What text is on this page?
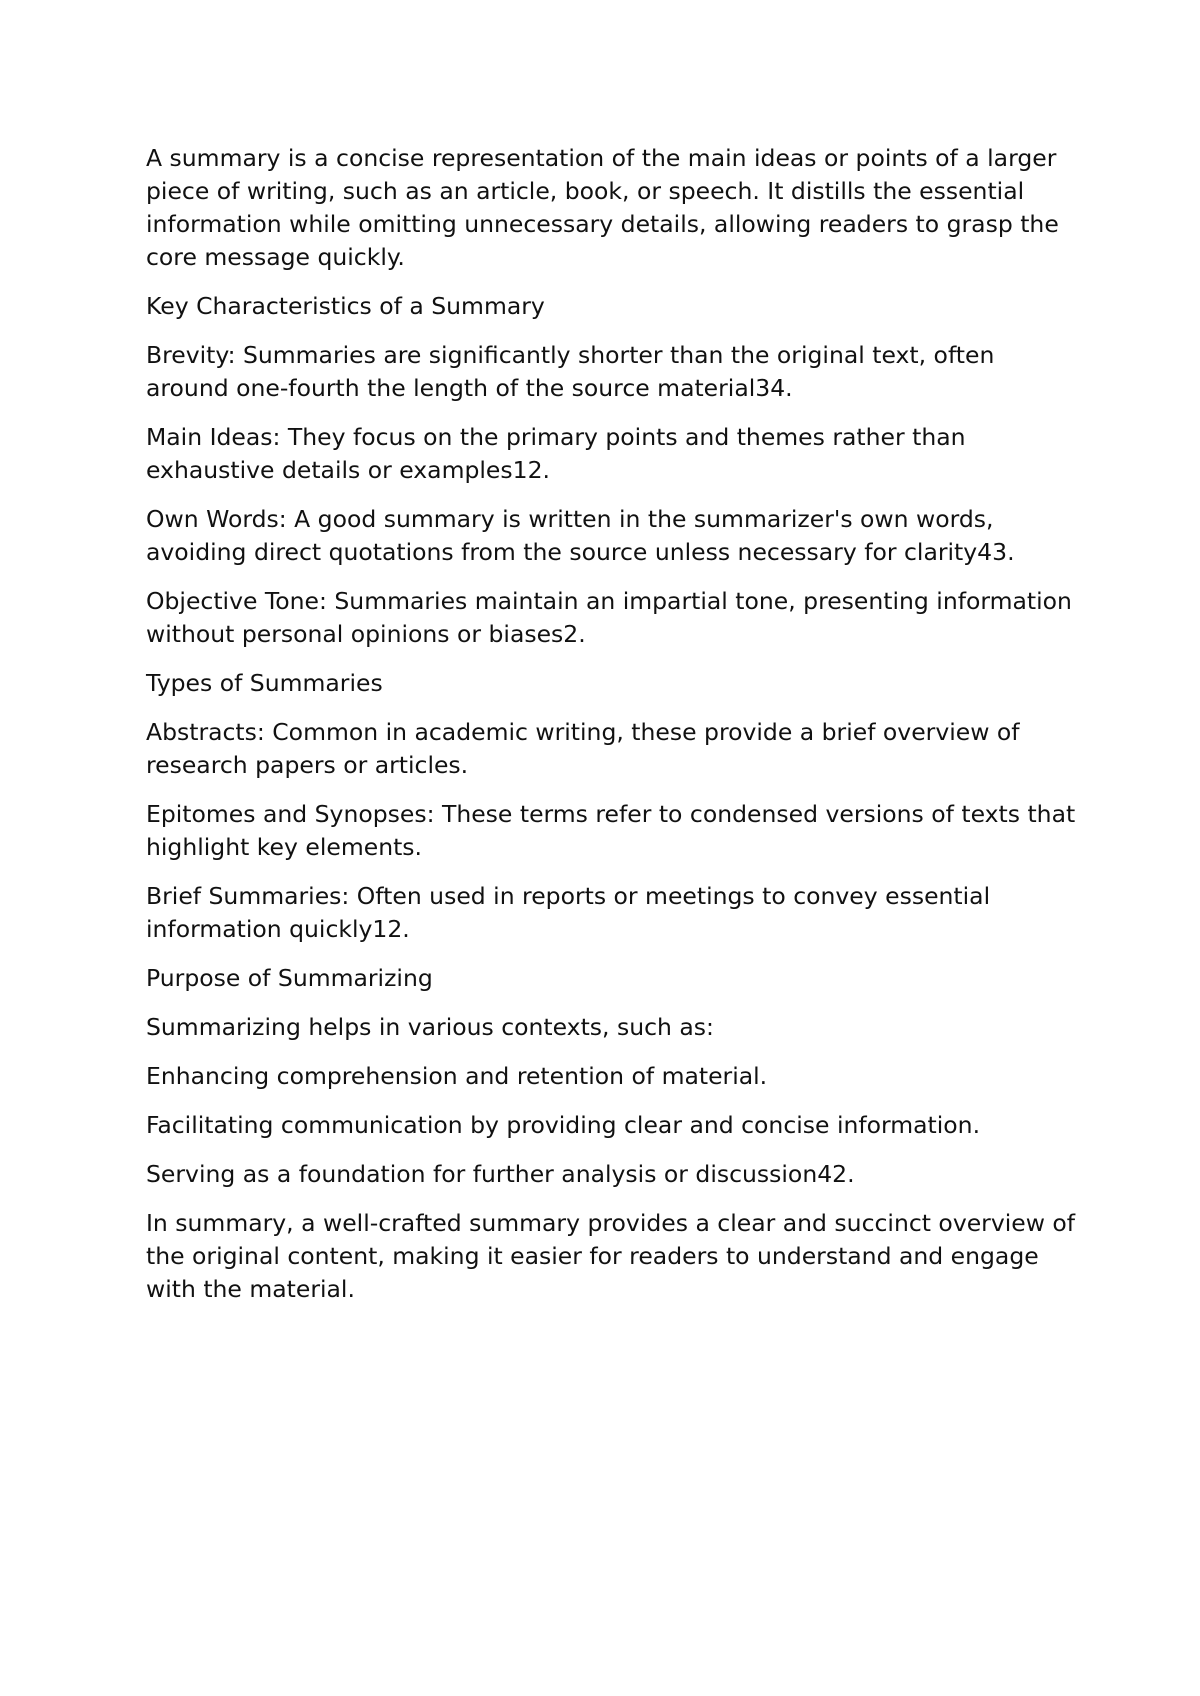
A summary is a concise representation of the main ideas or points of a larger piece of writing, such as an article, book, or speech. It distills the essential information while omitting unnecessary details, allowing readers to grasp the core message quickly.

Key Characteristics of a Summary

Brevity: Summaries are significantly shorter than the original text, often around one-fourth the length of the source material34.

Main Ideas: They focus on the primary points and themes rather than exhaustive details or examples12.

Own Words: A good summary is written in the summarizer's own words, avoiding direct quotations from the source unless necessary for clarity43.

Objective Tone: Summaries maintain an impartial tone, presenting information without personal opinions or biases2.

Types of Summaries

Abstracts: Common in academic writing, these provide a brief overview of research papers or articles.

Epitomes and Synopses: These terms refer to condensed versions of texts that highlight key elements.

Brief Summaries: Often used in reports or meetings to convey essential information quickly12.

Purpose of Summarizing

Summarizing helps in various contexts, such as:

Enhancing comprehension and retention of material.

Facilitating communication by providing clear and concise information.

Serving as a foundation for further analysis or discussion42.

In summary, a well-crafted summary provides a clear and succinct overview of the original content, making it easier for readers to understand and engage with the material.
